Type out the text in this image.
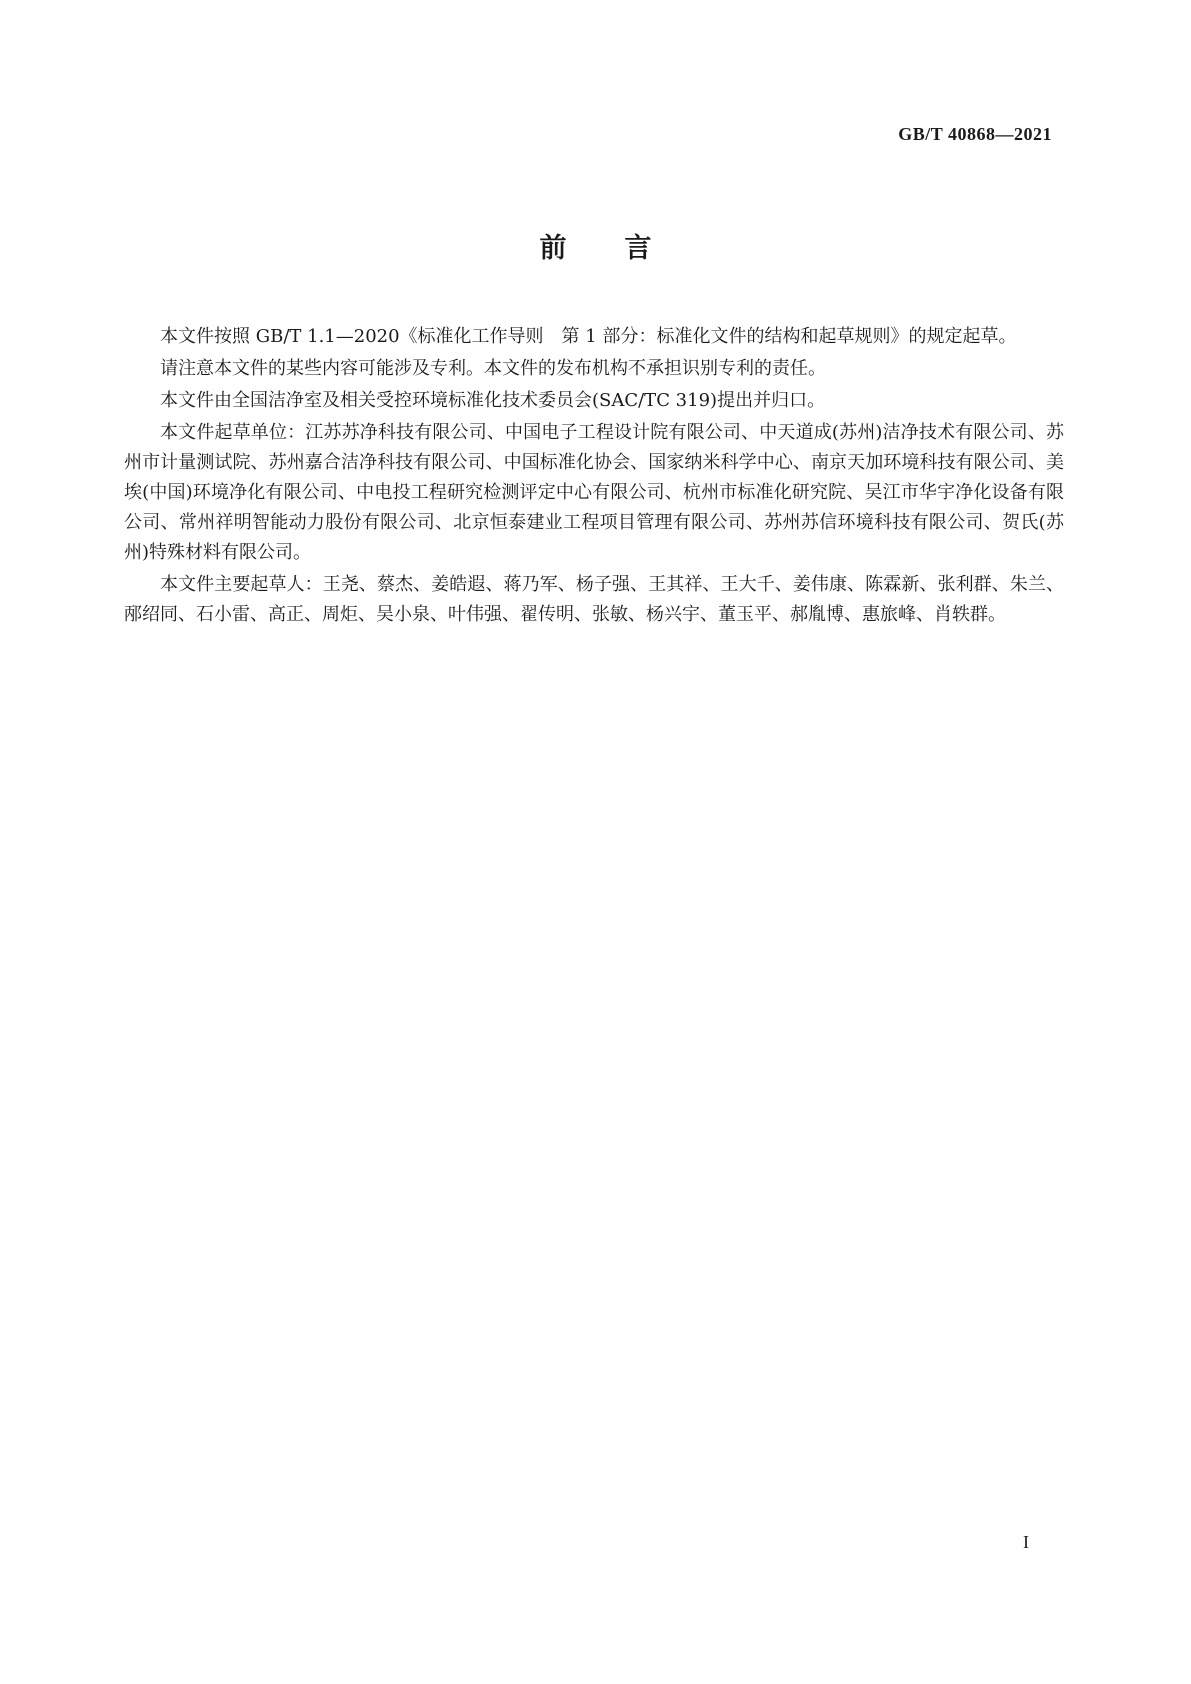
GB/T 40868—2021
前言

本文件按照 GB/T 1.1—2020《标准化工作导则　第 1 部分：标准化文件的结构和起草规则》的规定起草。

请注意本文件的某些内容可能涉及专利。本文件的发布机构不承担识别专利的责任。

本文件由全国洁净室及相关受控环境标准化技术委员会(SAC/TC 319)提出并归口。

本文件起草单位：江苏苏净科技有限公司、中国电子工程设计院有限公司、中天道成(苏州)洁净技术有限公司、苏州市计量测试院、苏州嘉合洁净科技有限公司、中国标准化协会、国家纳米科学中心、南京天加环境科技有限公司、美埃(中国)环境净化有限公司、中电投工程研究检测评定中心有限公司、杭州市标准化研究院、吴江市华宇净化设备有限公司、常州祥明智能动力股份有限公司、北京恒泰建业工程项目管理有限公司、苏州苏信环境科技有限公司、贺氏(苏州)特殊材料有限公司。

本文件主要起草人：王尧、蔡杰、姜皓遐、蒋乃军、杨子强、王其祥、王大千、姜伟康、陈霖新、张利群、朱兰、邴绍同、石小雷、高正、周炬、吴小泉、叶伟强、翟传明、张敏、杨兴宇、董玉平、郝胤博、惠旅峰、肖轶群。

I
